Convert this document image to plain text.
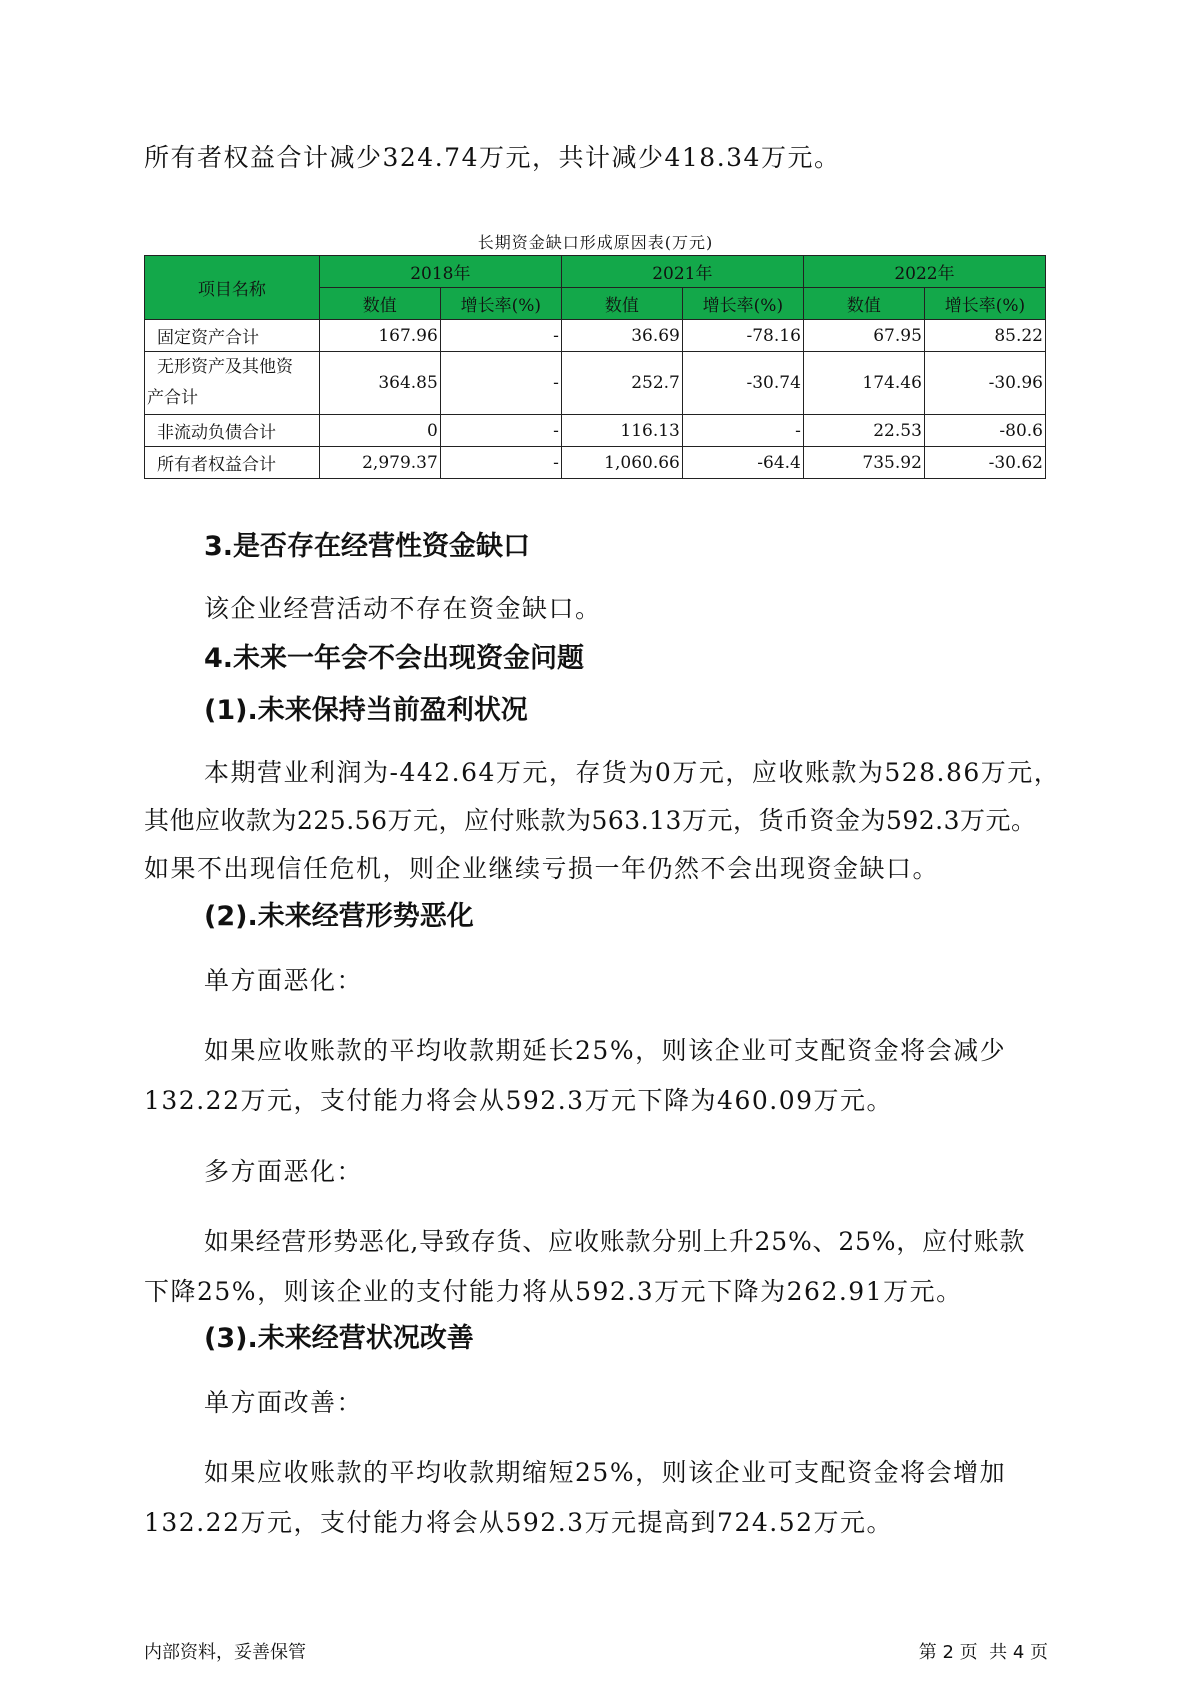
所有者权益合计减少324.74万元，共计减少418.34万元。
长期资金缺口形成原因表(万元)
项目名称	2018年		2021年		2022年	
	数值	增长率(%)	数值	增长率(%)	数值	增长率(%)
固定资产合计	167.96	-	36.69	-78.16	67.95	85.22

无形资产及其他资
产合计	364.85	-	252.7	-30.74	174.46	-30.96
非流动负债合计	0	-	116.13	-	22.53	-80.6
所有者权益合计	2,979.37	-	1,060.66	-64.4	735.92	-30.62
3.是否存在经营性资金缺口
该企业经营活动不存在资金缺口。
4.未来一年会不会出现资金问题
(1).未来保持当前盈利状况
本期营业利润为-442.64万元，存货为0万元，应收账款为528.86万元，
其他应收款为225.56万元，应付账款为563.13万元，货币资金为592.3万元。
如果不出现信任危机，则企业继续亏损一年仍然不会出现资金缺口。
(2).未来经营形势恶化
单方面恶化：
如果应收账款的平均收款期延长25%，则该企业可支配资金将会减少
132.22万元，支付能力将会从592.3万元下降为460.09万元。
多方面恶化：
如果经营形势恶化,导致存货、应收账款分别上升25%、25%，应付账款
下降25%，则该企业的支付能力将从592.3万元下降为262.91万元。
(3).未来经营状况改善
单方面改善：
如果应收账款的平均收款期缩短25%，则该企业可支配资金将会增加
132.22万元，支付能力将会从592.3万元提高到724.52万元。
内部资料，妥善保管	第 2 页  共 4 页
